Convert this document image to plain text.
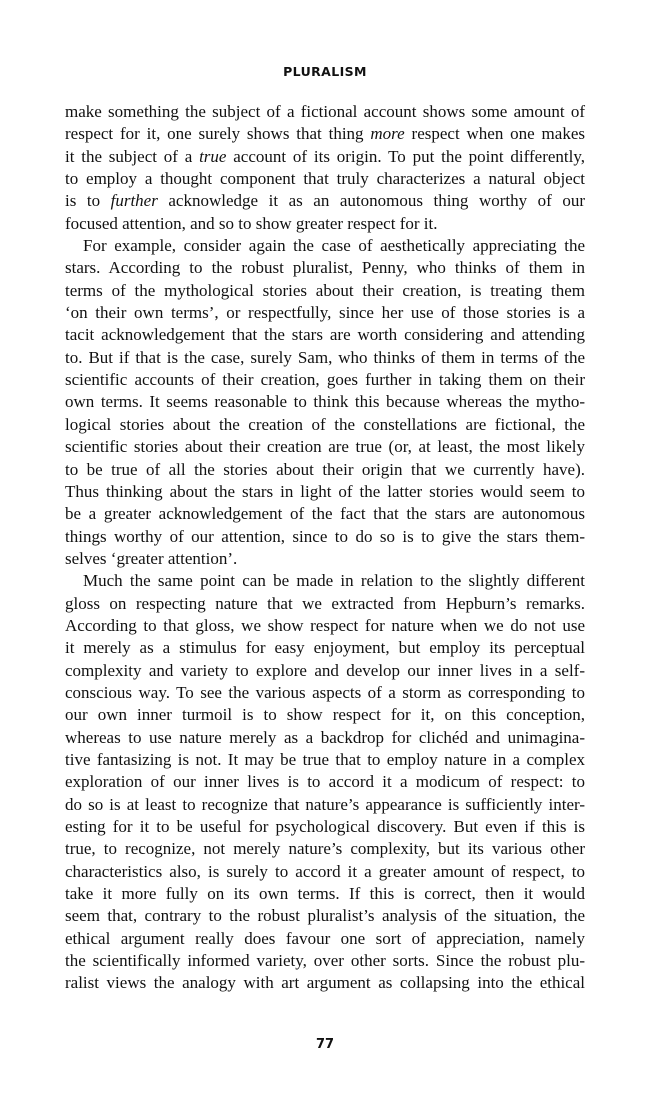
PLURALISM
make something the subject of a fictional account shows some amount of
respect for it, one surely shows that thing more respect when one makes
it the subject of a true account of its origin. To put the point differently,
to employ a thought component that truly characterizes a natural object
is to further acknowledge it as an autonomous thing worthy of our
focused attention, and so to show greater respect for it.
For example, consider again the case of aesthetically appreciating the
stars. According to the robust pluralist, Penny, who thinks of them in
terms of the mythological stories about their creation, is treating them
‘on their own terms’, or respectfully, since her use of those stories is a
tacit acknowledgement that the stars are worth considering and attending
to. But if that is the case, surely Sam, who thinks of them in terms of the
scientific accounts of their creation, goes further in taking them on their
own terms. It seems reasonable to think this because whereas the mytho-
logical stories about the creation of the constellations are fictional, the
scientific stories about their creation are true (or, at least, the most likely
to be true of all the stories about their origin that we currently have).
Thus thinking about the stars in light of the latter stories would seem to
be a greater acknowledgement of the fact that the stars are autonomous
things worthy of our attention, since to do so is to give the stars them-
selves ‘greater attention’.
Much the same point can be made in relation to the slightly different
gloss on respecting nature that we extracted from Hepburn’s remarks.
According to that gloss, we show respect for nature when we do not use
it merely as a stimulus for easy enjoyment, but employ its perceptual
complexity and variety to explore and develop our inner lives in a self-
conscious way. To see the various aspects of a storm as corresponding to
our own inner turmoil is to show respect for it, on this conception,
whereas to use nature merely as a backdrop for clichéd and unimagina-
tive fantasizing is not. It may be true that to employ nature in a complex
exploration of our inner lives is to accord it a modicum of respect: to
do so is at least to recognize that nature’s appearance is sufficiently inter-
esting for it to be useful for psychological discovery. But even if this is
true, to recognize, not merely nature’s complexity, but its various other
characteristics also, is surely to accord it a greater amount of respect, to
take it more fully on its own terms. If this is correct, then it would
seem that, contrary to the robust pluralist’s analysis of the situation, the
ethical argument really does favour one sort of appreciation, namely
the scientifically informed variety, over other sorts. Since the robust plu-
ralist views the analogy with art argument as collapsing into the ethical
77
